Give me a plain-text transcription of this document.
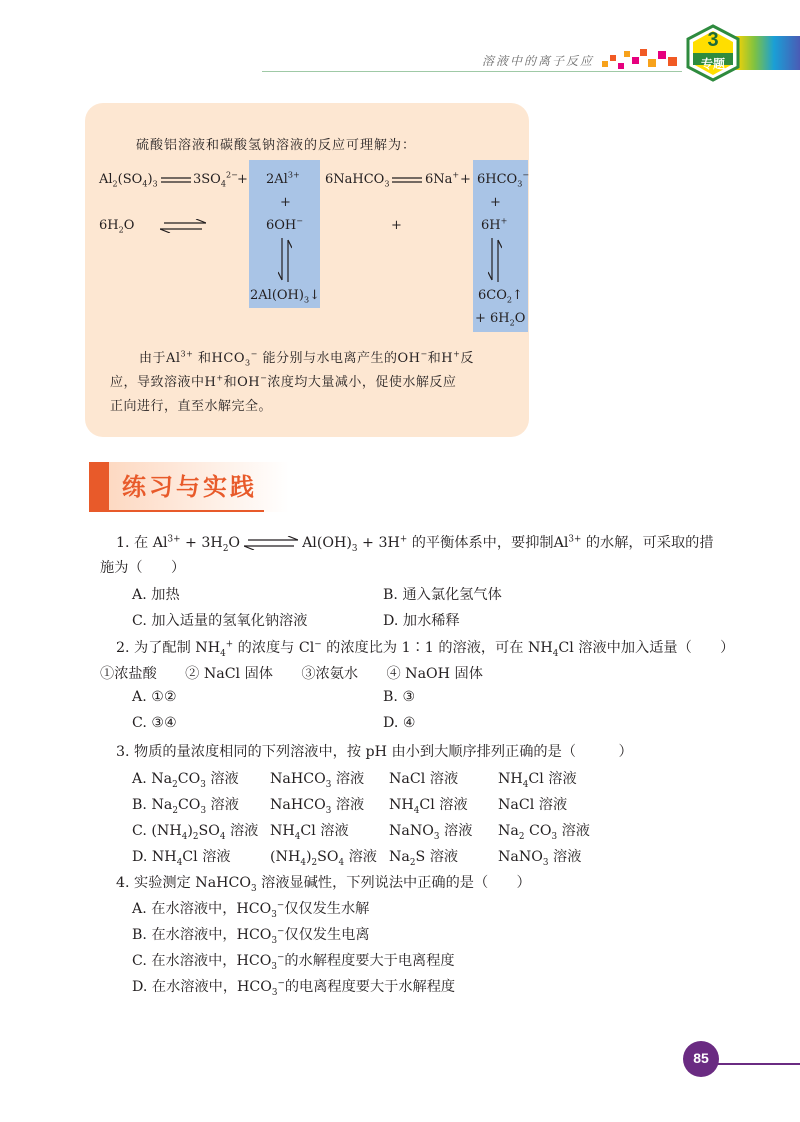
溶液中的离子反应
3
专题
硫酸铝溶液和碳酸氢钠溶液的反应可理解为：
$Al_2(SO_4)_3$	$3SO_4^{2-} + 2Al^{3+}$ 6NaHCO$_3$	$6Na^+ + 6HCO_3^-$
+	+
$6H_2O$	6OH−	+	6H+
$2Al(OH)_3↓$	$6CO_2↑$
+ $6H_2O$
由于$Al^{3+}$ 和$HCO_3^-$ 能分别与水电离产生的OH−和H+反
应，导致溶液中H+和OH−浓度均大量减小，促使水解反应
正向进行，直至水解完全。
练习与实践
1. 在 $Al^{3+} + 3H_2O$ ⇌ $Al(OH)_3 + 3H^+$ 的平衡体系中，要抑制$Al^{3+}$ 的水解，可采取的措
施为（　　）
A. 加热	B. 通入氯化氢气体
C. 加入适量的氢氧化钠溶液	D. 加水稀释
2. 为了配制 $NH_4^+$ 的浓度与 Cl− 的浓度比为 1∶1 的溶液，可在 $NH_4Cl$ 溶液中加入适量（　　）
①浓盐酸　　② NaCl 固体　　③浓氨水　　④ NaOH 固体
A. ①②	B. ③
C. ③④	D. ④
3. 物质的量浓度相同的下列溶液中，按 pH 由小到大顺序排列正确的是（　　　）
A. $Na_2CO_3$ 溶液 NaHCO$_3$ 溶液 NaCl 溶液	$NH_4Cl$ 溶液
B. $Na_2CO_3$ 溶液 NaHCO$_3$ 溶液 $NH_4Cl$ 溶液 NaCl 溶液
C. $(NH_4)_2SO_4$ 溶液 $NH_4Cl$ 溶液	NaNO$_3$ 溶液 $Na_2$ $CO_3$ 溶液
D. $NH_4Cl$ 溶液	$(NH_4)_2SO_4$ 溶液 $Na_2S$ 溶液	NaNO$_3$ 溶液
4. 实验测定 NaHCO$_3$ 溶液显碱性，下列说法中正确的是（　　）
A. 在水溶液中，$HCO_3^-$仅仅发生水解
B. 在水溶液中，$HCO_3^-$仅仅发生电离
C. 在水溶液中，$HCO_3^-$的水解程度要大于电离程度
D. 在水溶液中，$HCO_3^-$的电离程度要大于水解程度
85
